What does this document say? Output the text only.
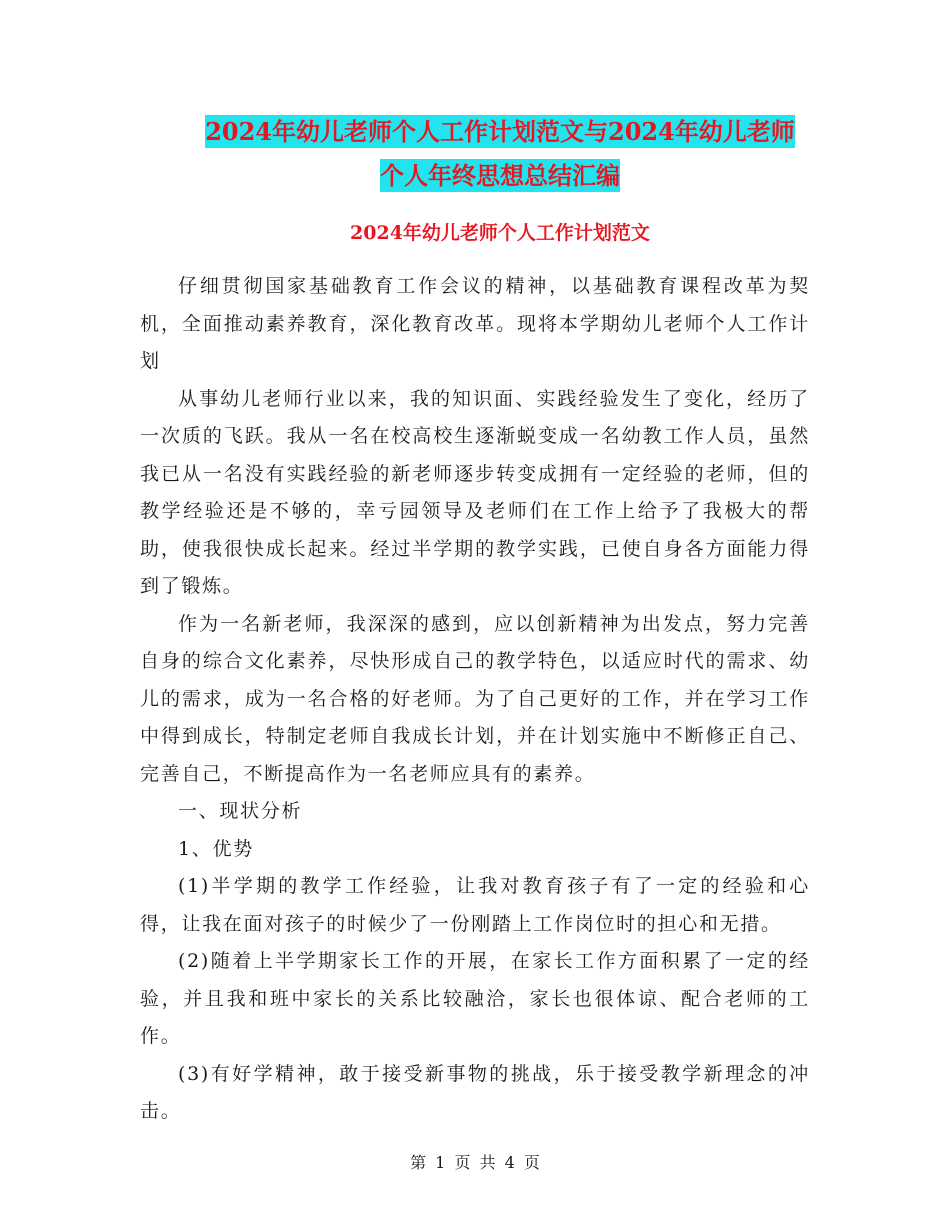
2024年幼儿老师个人工作计划范文与2024年幼儿老师
个人年终思想总结汇编
2024年幼儿老师个人工作计划范文

仔细贯彻国家基础教育工作会议的精神，以基础教育课程改革为契机，全面推动素养教育，深化教育改革。现将本学期幼儿老师个人工作计划

从事幼儿老师行业以来，我的知识面、实践经验发生了变化，经历了一次质的飞跃。我从一名在校高校生逐渐蜕变成一名幼教工作人员，虽然我已从一名没有实践经验的新老师逐步转变成拥有一定经验的老师，但的教学经验还是不够的，幸亏园领导及老师们在工作上给予了我极大的帮助，使我很快成长起来。经过半学期的教学实践，已使自身各方面能力得到了锻炼。

作为一名新老师，我深深的感到，应以创新精神为出发点，努力完善自身的综合文化素养，尽快形成自己的教学特色，以适应时代的需求、幼儿的需求，成为一名合格的好老师。为了自己更好的工作，并在学习工作中得到成长，特制定老师自我成长计划，并在计划实施中不断修正自己、完善自己，不断提高作为一名老师应具有的素养。

一、现状分析

1、优势

(1)半学期的教学工作经验，让我对教育孩子有了一定的经验和心得，让我在面对孩子的时候少了一份刚踏上工作岗位时的担心和无措。

(2)随着上半学期家长工作的开展，在家长工作方面积累了一定的经验，并且我和班中家长的关系比较融洽，家长也很体谅、配合老师的工作。

(3)有好学精神，敢于接受新事物的挑战，乐于接受教学新理念的冲击。

第 1 页 共 4 页
